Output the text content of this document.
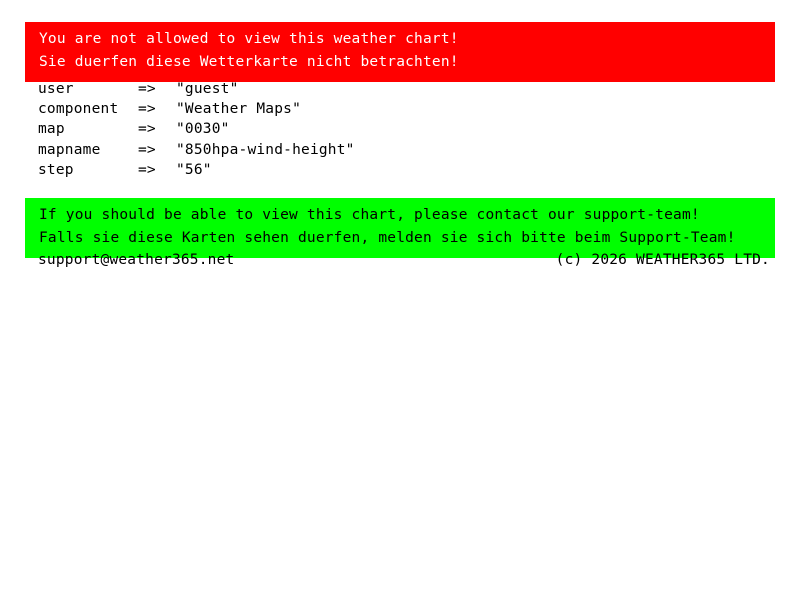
You are not allowed to view this weather chart!
Sie duerfen diese Wetterkarte nicht betrachten!
user	=>	"guest"
component	=>	"Weather Maps"
map	=>	"0030"
mapname	=>	"850hpa-wind-height"
step	=>	"56"
If you should be able to view this chart, please contact our support-team!
Falls sie diese Karten sehen duerfen, melden sie sich bitte beim Support-Team!
support@weather365.net	(c) 2026 WEATHER365 LTD.
